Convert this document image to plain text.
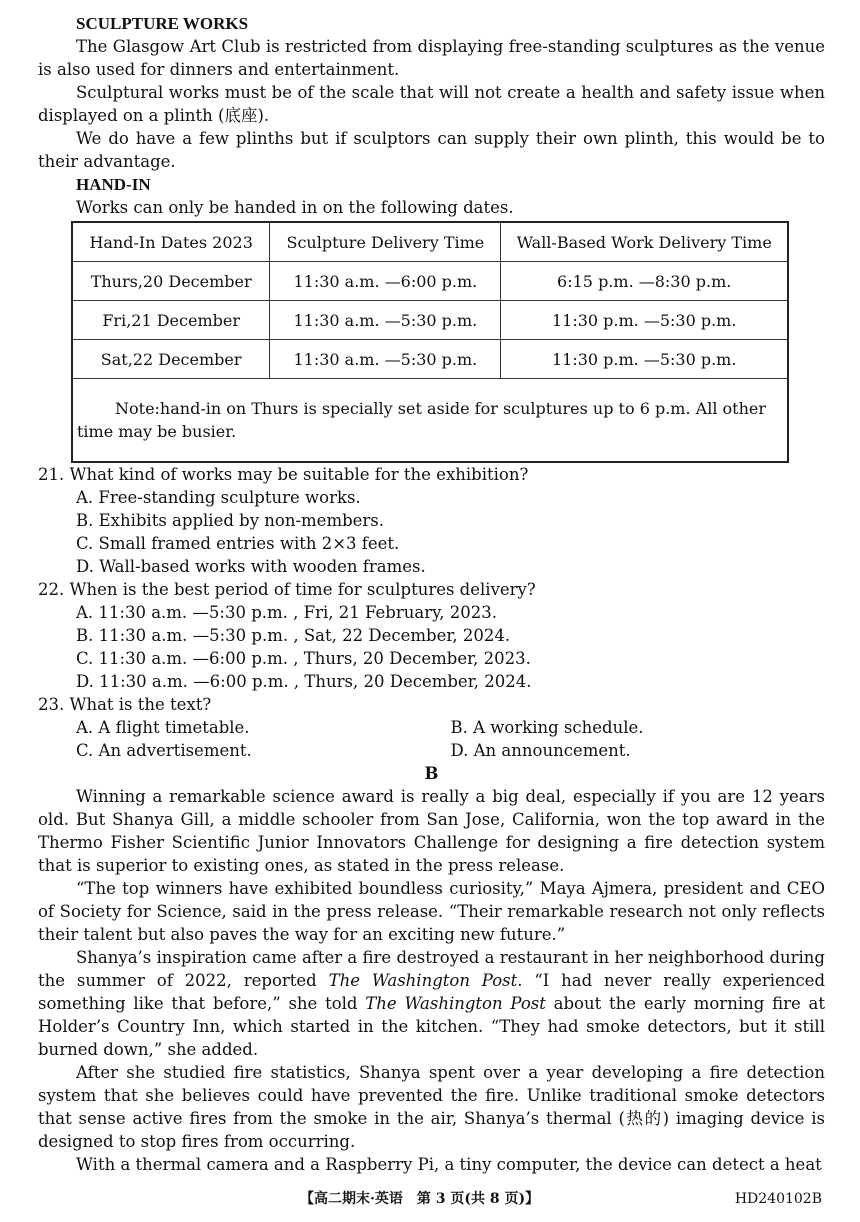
SCULPTURE WORKS

The Glasgow Art Club is restricted from displaying free-standing sculptures as the venue is also used for dinners and entertainment.

Sculptural works must be of the scale that will not create a health and safety issue when displayed on a plinth (底座).

We do have a few plinths but if sculptors can supply their own plinth, this would be to their advantage.

HAND-IN

Works can only be handed in on the following dates.

Hand-In Dates 2023	Sculpture Delivery Time	Wall-Based Work Delivery Time
Thurs,20 December	11:30 a.m. —6:00 p.m.	6:15 p.m. —8:30 p.m.
Fri,21 December	11:30 a.m. —5:30 p.m.	11:30 p.m. —5:30 p.m.
Sat,22 December	11:30 a.m. —5:30 p.m.	11:30 p.m. —5:30 p.m.
Note:hand-in on Thurs is specially set aside for sculptures up to 6 p.m. All other time may be busier.		

21. What kind of works may be suitable for the exhibition?

A. Free-standing sculpture works.

B. Exhibits applied by non-members.

C. Small framed entries with 2×3 feet.

D. Wall-based works with wooden frames.

22. When is the best period of time for sculptures delivery?

A. 11:30 a.m. —5:30 p.m. , Fri, 21 February, 2023.

B. 11:30 a.m. —5:30 p.m. , Sat, 22 December, 2024.

C. 11:30 a.m. —6:00 p.m. , Thurs, 20 December, 2023.

D. 11:30 a.m. —6:00 p.m. , Thurs, 20 December, 2024.

23. What is the text?

A. A flight timetable.	B. A working schedule.
C. An advertisement.	D. An announcement.

B

Winning a remarkable science award is really a big deal, especially if you are 12 years old. But Shanya Gill, a middle schooler from San Jose, California, won the top award in the Thermo Fisher Scientific Junior Innovators Challenge for designing a fire detection system that is superior to existing ones, as stated in the press release.

“The top winners have exhibited boundless curiosity,” Maya Ajmera, president and CEO of Society for Science, said in the press release. “Their remarkable research not only reflects their talent but also paves the way for an exciting new future.”

Shanya’s inspiration came after a fire destroyed a restaurant in her neighborhood during the summer of 2022, reported The Washington Post. “I had never really experienced something like that before,” she told The Washington Post about the early morning fire at Holder’s Country Inn, which started in the kitchen. “They had smoke detectors, but it still burned down,” she added.

After she studied fire statistics, Shanya spent over a year developing a fire detection system that she believes could have prevented the fire. Unlike traditional smoke detectors that sense active fires from the smoke in the air, Shanya’s thermal (热的) imaging device is designed to stop fires from occurring.

With a thermal camera and a Raspberry Pi, a tiny computer, the device can detect a heat

【高二期末·英语　第 3 页(共 8 页)】	HD240102B
